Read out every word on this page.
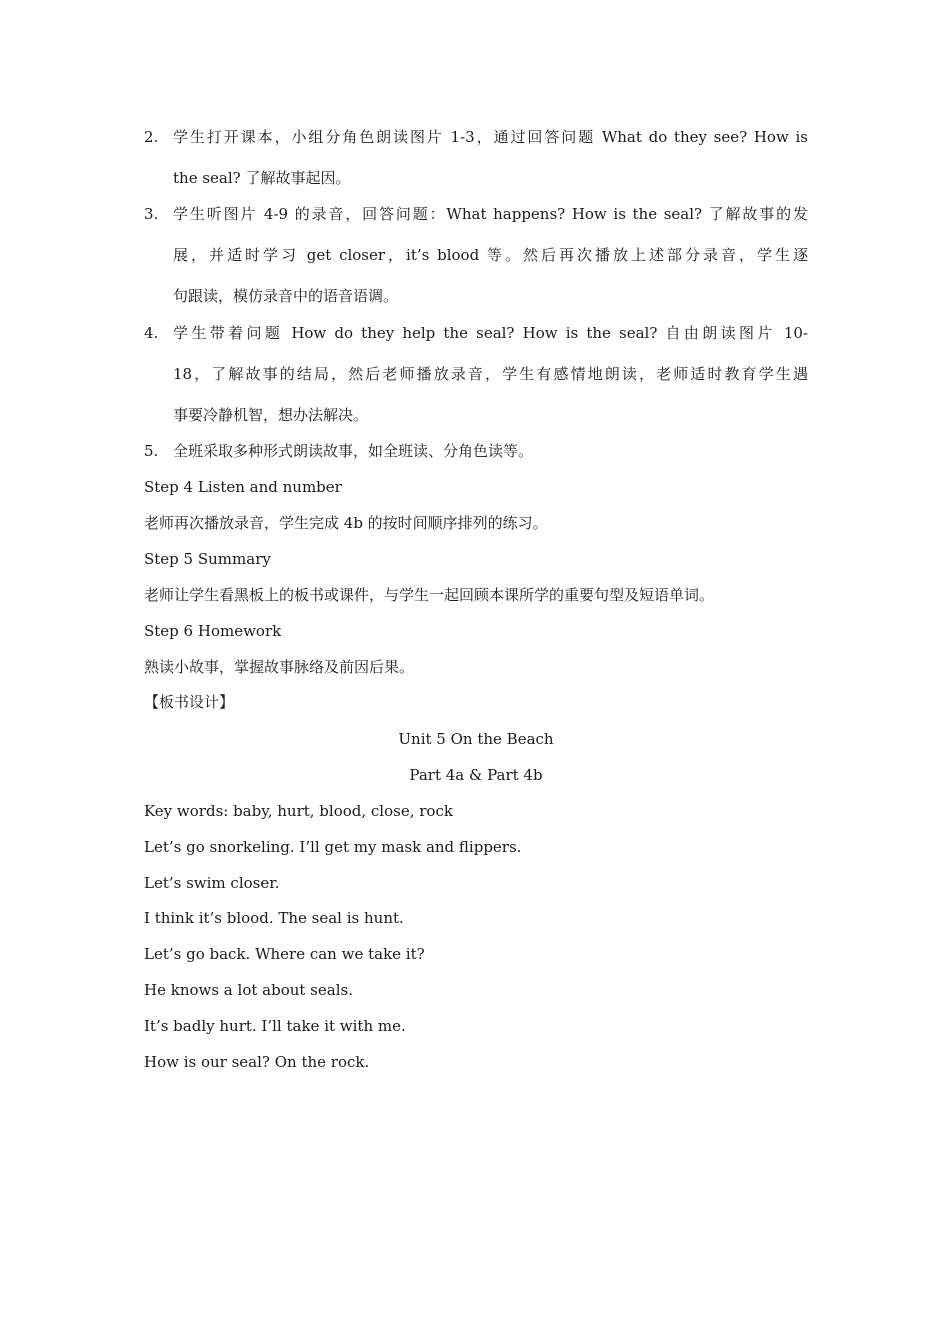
2. 学生打开课本，小组分角色朗读图片 1-3，通过回答问题 What do they see? How is
the seal? 了解故事起因。
3. 学生听图片 4-9 的录音，回答问题：What happens? How is the seal? 了解故事的发
展，并适时学习 get closer，it’s blood 等。然后再次播放上述部分录音，学生逐
句跟读，模仿录音中的语音语调。
4. 学生带着问题 How do they help the seal? How is the seal? 自由朗读图片 10-
18，了解故事的结局，然后老师播放录音，学生有感情地朗读，老师适时教育学生遇
事要冷静机智，想办法解决。
5. 全班采取多种形式朗读故事，如全班读、分角色读等。
Step 4 Listen and number
老师再次播放录音，学生完成 4b 的按时间顺序排列的练习。
Step 5 Summary
老师让学生看黑板上的板书或课件，与学生一起回顾本课所学的重要句型及短语单词。
Step 6 Homework
熟读小故事，掌握故事脉络及前因后果。
【板书设计】
Unit 5 On the Beach
Part 4a & Part 4b
Key words: baby, hurt, blood, close, rock
Let’s go snorkeling. I’ll get my mask and flippers.
Let’s swim closer.
I think it’s blood. The seal is hunt.
Let’s go back. Where can we take it?
He knows a lot about seals.
It’s badly hurt. I’ll take it with me.
How is our seal? On the rock.
